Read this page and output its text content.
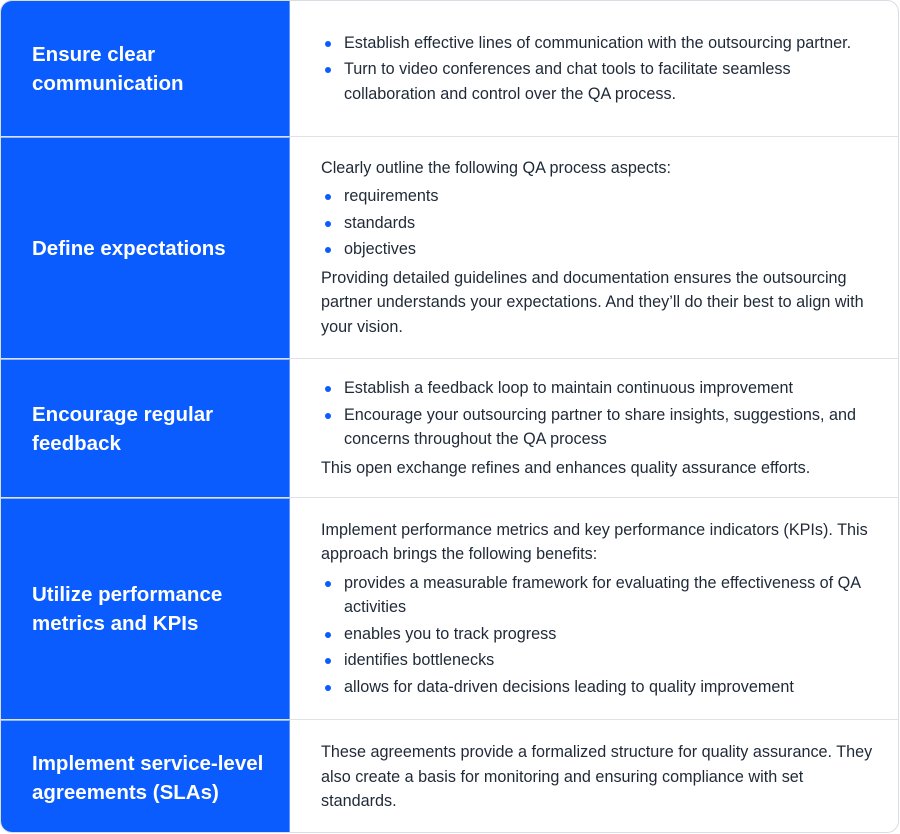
Ensure clear communication
Establish effective lines of communication with the outsourcing partner.
Turn to video conferences and chat tools to facilitate seamless collaboration and control over the QA process.
Define expectations

Clearly outline the following QA process aspects:

requirements
standards
objectives

Providing detailed guidelines and documentation ensures the outsourcing partner understands your expectations. And they’ll do their best to align with your vision.

Encourage regular feedback
Establish a feedback loop to maintain continuous improvement
Encourage your outsourcing partner to share insights, suggestions, and concerns throughout the QA process

This open exchange refines and enhances quality assurance efforts.

Utilize performance metrics and KPIs

Implement performance metrics and key performance indicators (KPIs). This approach brings the following benefits:

provides a measurable framework for evaluating the effectiveness of QA activities
enables you to track progress
identifies bottlenecks
allows for data-driven decisions leading to quality improvement
Implement service-level agreements (SLAs)

These agreements provide a formalized structure for quality assurance. They also create a basis for monitoring and ensuring compliance with set standards.
